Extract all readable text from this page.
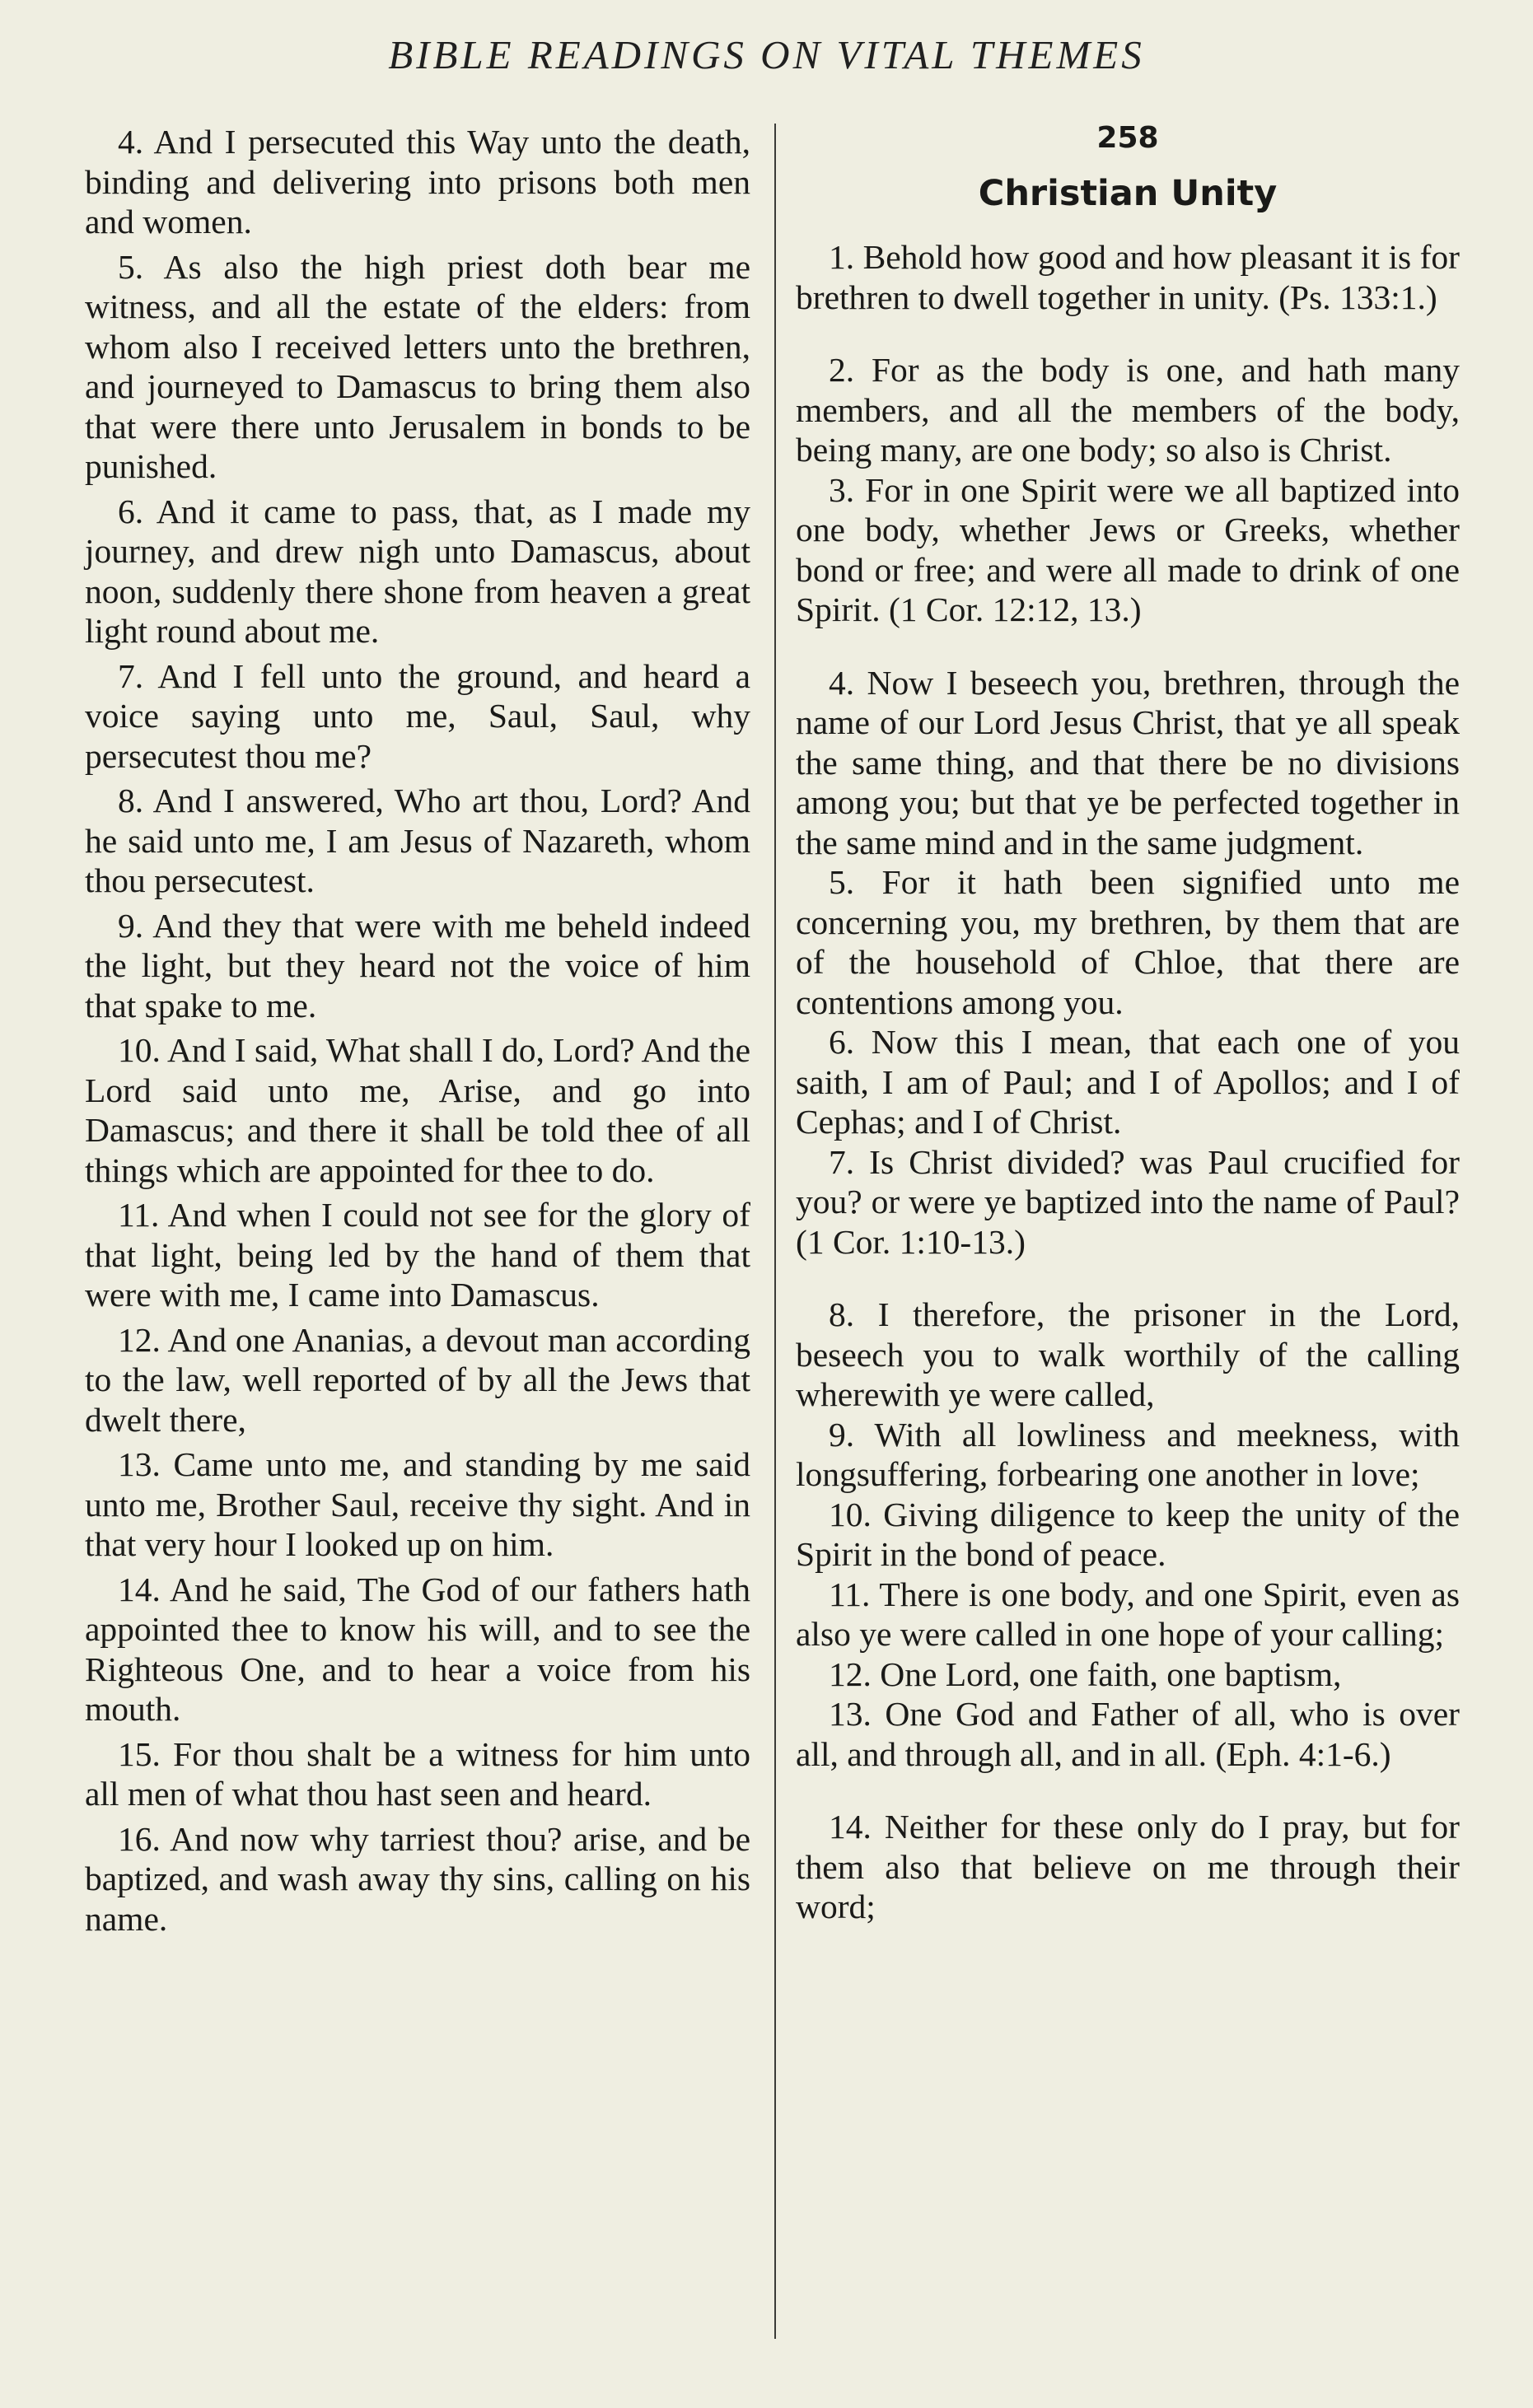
BIBLE READINGS ON VITAL THEMES

4. And I persecuted this Way unto the death, binding and delivering into prisons both men and women.

5. As also the high priest doth bear me witness, and all the estate of the elders: from whom also I received letters unto the brethren, and journeyed to Damascus to bring them also that were there unto Jerusalem in bonds to be punished.

6. And it came to pass, that, as I made my journey, and drew nigh unto Damascus, about noon, suddenly there shone from heaven a great light round about me.

7. And I fell unto the ground, and heard a voice saying unto me, Saul, Saul, why persecutest thou me?

8. And I answered, Who art thou, Lord? And he said unto me, I am Jesus of Nazareth, whom thou persecutest.

9. And they that were with me beheld indeed the light, but they heard not the voice of him that spake to me.

10. And I said, What shall I do, Lord? And the Lord said unto me, Arise, and go into Damascus; and there it shall be told thee of all things which are appointed for thee to do.

11. And when I could not see for the glory of that light, being led by the hand of them that were with me, I came into Damascus.

12. And one Ananias, a devout man according to the law, well reported of by all the Jews that dwelt there,

13. Came unto me, and standing by me said unto me, Brother Saul, receive thy sight. And in that very hour I looked up on him.

14. And he said, The God of our fathers hath appointed thee to know his will, and to see the Righteous One, and to hear a voice from his mouth.

15. For thou shalt be a witness for him unto all men of what thou hast seen and heard.

16. And now why tarriest thou? arise, and be baptized, and wash away thy sins, calling on his name.

258
Christian Unity

1. Behold how good and how pleasant it is for brethren to dwell together in unity. (Ps. 133:1.)

2. For as the body is one, and hath many members, and all the members of the body, being many, are one body; so also is Christ.

3. For in one Spirit were we all baptized into one body, whether Jews or Greeks, whether bond or free; and were all made to drink of one Spirit. (1 Cor. 12:12, 13.)

4. Now I beseech you, brethren, through the name of our Lord Jesus Christ, that ye all speak the same thing, and that there be no divisions among you; but that ye be perfected together in the same mind and in the same judgment.

5. For it hath been signified unto me concerning you, my brethren, by them that are of the household of Chloe, that there are contentions among you.

6. Now this I mean, that each one of you saith, I am of Paul; and I of Apollos; and I of Cephas; and I of Christ.

7. Is Christ divided? was Paul crucified for you? or were ye baptized into the name of Paul? (1 Cor. 1:10-13.)

8. I therefore, the prisoner in the Lord, beseech you to walk worthily of the calling wherewith ye were called,

9. With all lowliness and meekness, with longsuffering, forbearing one another in love;

10. Giving diligence to keep the unity of the Spirit in the bond of peace.

11. There is one body, and one Spirit, even as also ye were called in one hope of your calling;

12. One Lord, one faith, one baptism,

13. One God and Father of all, who is over all, and through all, and in all. (Eph. 4:1-6.)

14. Neither for these only do I pray, but for them also that believe on me through their word;
